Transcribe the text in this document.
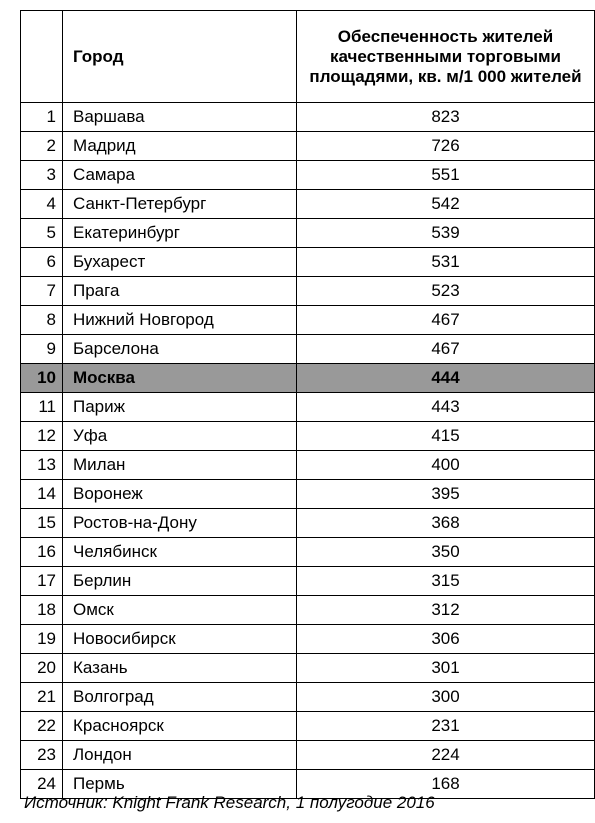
	Город	Обеспеченность жителей качественными торговыми площадями, кв. м/1 000 жителей
1	Варшава	823
2	Мадрид	726
3	Самара	551
4	Санкт-Петербург	542
5	Екатеринбург	539
6	Бухарест	531
7	Прага	523
8	Нижний Новгород	467
9	Барселона	467
10	Москва	444
11	Париж	443
12	Уфа	415
13	Милан	400
14	Воронеж	395
15	Ростов-на-Дону	368
16	Челябинск	350
17	Берлин	315
18	Омск	312
19	Новосибирск	306
20	Казань	301
21	Волгоград	300
22	Красноярск	231
23	Лондон	224
24	Пермь	168
Источник: Knight Frank Research, 1 полугодие 2016
